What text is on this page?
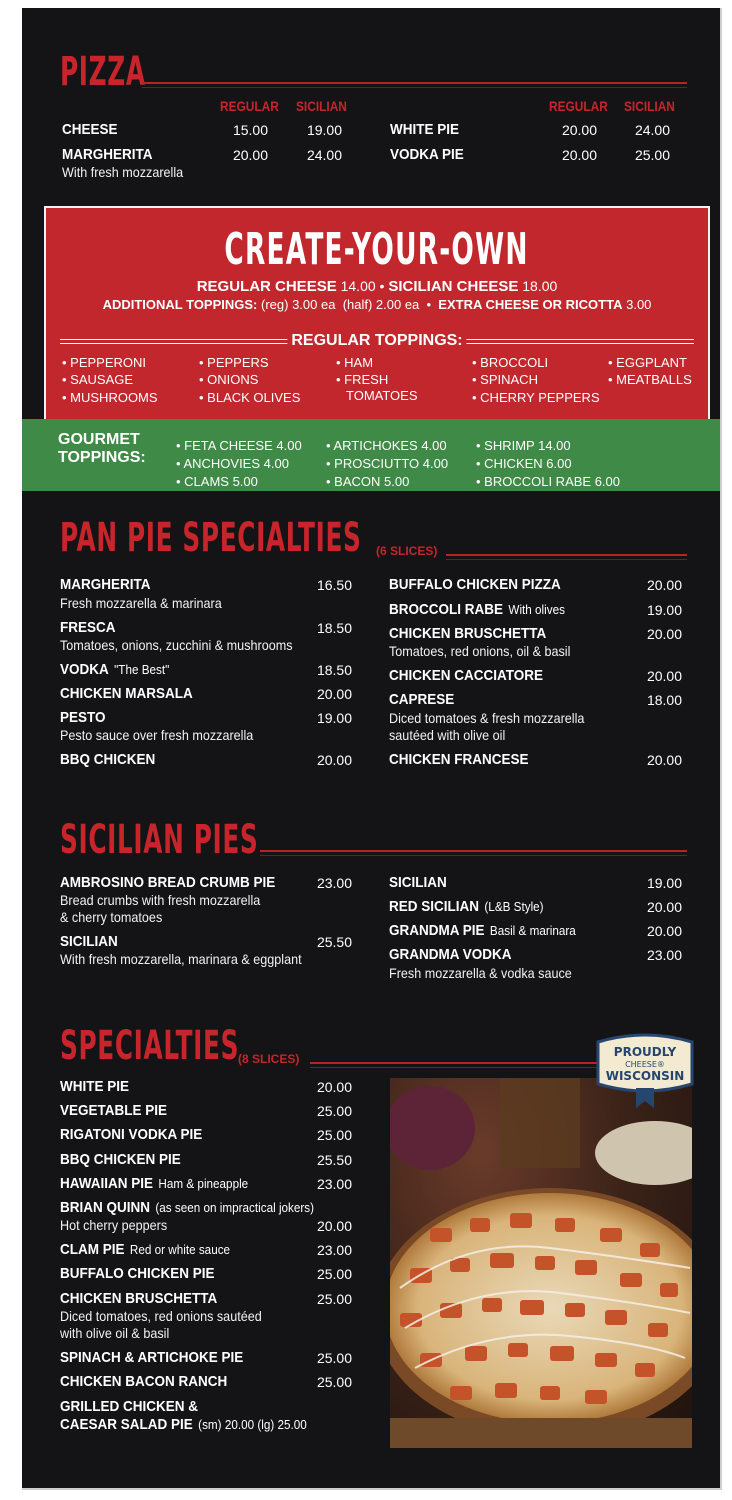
PIZZA
REGULAR SICILIAN	REGULAR SICILIAN
CHEESE	15.00	19.00
MARGHERITA
With fresh mozzarella
20.00	24.00
WHITE PIE	20.00	24.00
VODKA PIE	20.00	25.00
CREATE-YOUR-OWN
REGULAR CHEESE 14.00 • SICILIAN CHEESE 18.00
ADDITIONAL TOPPINGS: (reg) 3.00 ea (half) 2.00 ea  •  EXTRA CHEESE OR RICOTTA 3.00
REGULAR TOPPINGS:
• PEPPERONI
• SAUSAGE
• MUSHROOMS
• PEPPERS
• ONIONS
• BLACK OLIVES
• HAM
• FRESH
TOMATOES
• BROCCOLI
• SPINACH
• CHERRY PEPPERS
• EGGPLANT
• MEATBALLS
GOURMET
TOPPINGS:
• FETA CHEESE 4.00
• ANCHOVIES 4.00
• CLAMS 5.00
• ARTICHOKES 4.00
• PROSCIUTTO 4.00
• BACON 5.00
• SHRIMP 14.00
• CHICKEN 6.00
• BROCCOLI RABE 6.00
PAN PIE SPECIALTIES (6 SLICES)
MARGHERITA
Fresh mozzarella & marinara
16.50
FRESCA
Tomatoes, onions, zucchini & mushrooms
18.50
VODKA "The Best"	18.50
CHICKEN MARSALA	20.00
PESTO
Pesto sauce over fresh mozzarella
19.00
BBQ CHICKEN	20.00
BUFFALO CHICKEN PIZZA	20.00
BROCCOLI RABE With olives	19.00
CHICKEN BRUSCHETTA
Tomatoes, red onions, oil & basil
20.00
CHICKEN CACCIATORE	20.00
CAPRESE
Diced tomatoes & fresh mozzarella
sautéed with olive oil
18.00
CHICKEN FRANCESE	20.00
SICILIAN PIES
AMBROSINO BREAD CRUMB PIE
Bread crumbs with fresh mozzarella
& cherry tomatoes
23.00
SICILIAN
With fresh mozzarella, marinara & eggplant
25.50
SICILIAN	19.00
RED SICILIAN (L&B Style)	20.00
GRANDMA PIE Basil & marinara	20.00
GRANDMA VODKA
Fresh mozzarella & vodka sauce
23.00
SPECIALTIES
(8 SLICES)
WHITE PIE	20.00
VEGETABLE PIE	25.00
RIGATONI VODKA PIE	25.00
BBQ CHICKEN PIE	25.50
HAWAIIAN PIE Ham & pineapple	23.00
BRIAN QUINN (as seen on impractical jokers)
Hot cherry peppers	20.00
CLAM PIE Red or white sauce	23.00
BUFFALO CHICKEN PIE	25.00
CHICKEN BRUSCHETTA
Diced tomatoes, red onions sautéed
with olive oil & basil
25.00
SPINACH & ARTICHOKE PIE	25.00
CHICKEN BACON RANCH	25.00
GRILLED CHICKEN &
CAESAR SALAD PIE (sm) 20.00 (lg) 25.00
PROUDLY
CHEESE®
WISCONSIN
